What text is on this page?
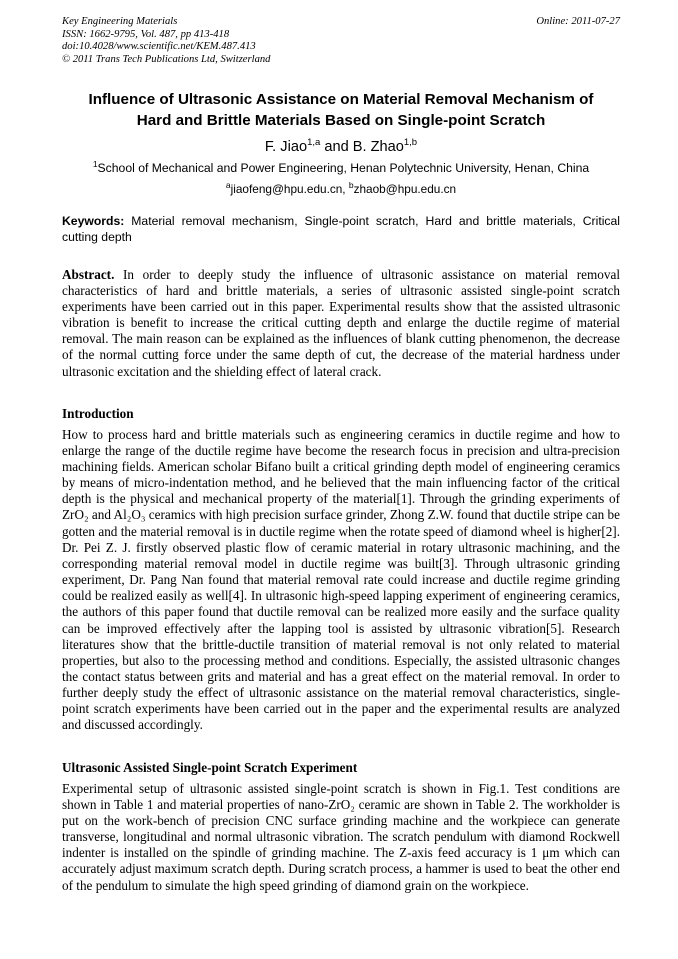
Key Engineering Materials
ISSN: 1662-9795, Vol. 487, pp 413-418
doi:10.4028/www.scientific.net/KEM.487.413
© 2011 Trans Tech Publications Ltd, Switzerland
Online: 2011-07-27
Influence of Ultrasonic Assistance on Material Removal Mechanism of
Hard and Brittle Materials Based on Single-point Scratch
F. Jiao$^{1,a}$ and B. Zhao$^{1,b}$
$^1$School of Mechanical and Power Engineering, Henan Polytechnic University, Henan, China
$^a$jiaofeng@hpu.edu.cn, $^b$zhaob@hpu.edu.cn

Keywords: Material removal mechanism, Single-point scratch, Hard and brittle materials, Critical cutting depth

Abstract. In order to deeply study the influence of ultrasonic assistance on material removal characteristics of hard and brittle materials, a series of ultrasonic assisted single-point scratch experiments have been carried out in this paper. Experimental results show that the assisted ultrasonic vibration is benefit to increase the critical cutting depth and enlarge the ductile regime of material removal. The main reason can be explained as the influences of blank cutting phenomenon, the decrease of the normal cutting force under the same depth of cut, the decrease of the material hardness under ultrasonic excitation and the shielding effect of lateral crack.

Introduction

How to process hard and brittle materials such as engineering ceramics in ductile regime and how to enlarge the range of the ductile regime have become the research focus in precision and ultra-precision machining fields. American scholar Bifano built a critical grinding depth model of engineering ceramics by means of micro-indentation method, and he believed that the main influencing factor of the critical depth is the physical and mechanical property of the material[1]. Through the grinding experiments of ZrO₂ and Al₂O₃ ceramics with high precision surface grinder, Zhong Z.W. found that ductile stripe can be gotten and the material removal is in ductile regime when the rotate speed of diamond wheel is higher[2]. Dr. Pei Z. J. firstly observed plastic flow of ceramic material in rotary ultrasonic machining, and the corresponding material removal model in ductile regime was built[3]. Through ultrasonic grinding experiment, Dr. Pang Nan found that material removal rate could increase and ductile regime grinding could be realized easily as well[4]. In ultrasonic high-speed lapping experiment of engineering ceramics, the authors of this paper found that ductile removal can be realized more easily and the surface quality can be improved effectively after the lapping tool is assisted by ultrasonic vibration[5]. Research literatures show that the brittle-ductile transition of material removal is not only related to material properties, but also to the processing method and conditions. Especially, the assisted ultrasonic changes the contact status between grits and material and has a great effect on the material removal. In order to further deeply study the effect of ultrasonic assistance on the material removal characteristics, single-point scratch experiments have been carried out in the paper and the experimental results are analyzed and discussed accordingly.

Ultrasonic Assisted Single-point Scratch Experiment

Experimental setup of ultrasonic assisted single-point scratch is shown in Fig.1. Test conditions are shown in Table 1 and material properties of nano-ZrO₂ ceramic are shown in Table 2. The workholder is put on the work-bench of precision CNC surface grinding machine and the workpiece can generate transverse, longitudinal and normal ultrasonic vibration. The scratch pendulum with diamond Rockwell indenter is installed on the spindle of grinding machine. The Z-axis feed accuracy is 1 μm which can accurately adjust maximum scratch depth. During scratch process, a hammer is used to beat the other end of the pendulum to simulate the high speed grinding of diamond grain on the workpiece.
